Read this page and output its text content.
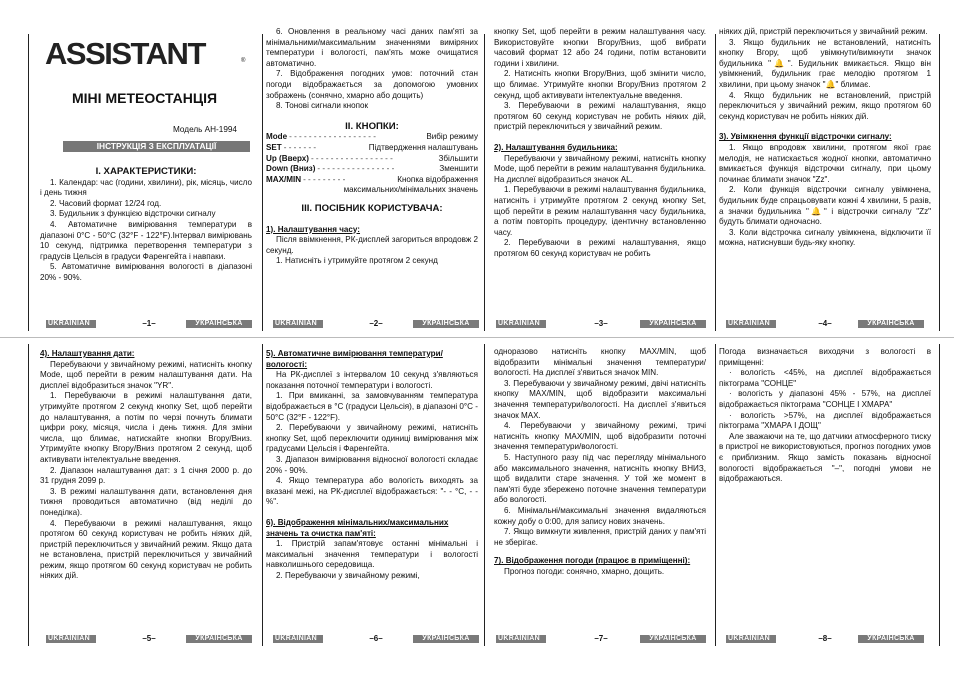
ASSISTANT	®
МІНІ МЕТЕОСТАНЦІЯ
Модель AH-1994
ІНСТРУКЦІЯ З ЕКСПЛУАТАЦІЇ
I. ХАРАКТЕРИСТИКИ:

1. Календар: час (години, хвилини), рік, місяць, число і день тижня

2. Часовий формат 12/24 год.

3. Будильник з функцією відстрочки сигналу

4. Автоматичне вимірювання температури в діапазоні 0°C - 50°C (32°F - 122°F).Інтервал вимірювань 10 секунд, підтримка перетворення температури з градусів Цельсія в градуси Фаренгейта і навпаки.

5. Автоматичне вимірювання вологості в діапазоні 20% - 90%.

6. Оновлення в реальному часі даних пам'яті за мінімальними/максимальним значеннями виміряних температури і вологості, пам'ять може очищатися автоматично.

7. Відображення погодних умов: поточний стан погоди відображається за допомогою умовних зображень (сонячно, хмарно або дощить)

8. Тонові сигнали кнопок

II. КНОПКИ:
Mode - - - - - - - - - - - - - - - - - -	Вибір режиму
SET - - - - - - -	Підтвердження налаштувань
Up (Вверх) - - - - - - - - - - - - - - - - -	Збільшити
Down (Вниз) - - - - - - - - - - - - - - - -	Зменшити
MAX/MIN - - - - - - - - -	Кнопка відображення
максимальних/мінімальних значень
III. ПОСІБНИК КОРИСТУВАЧА:
1). Налаштування часу:

Після ввімкнення, РК-дисплей загориться впродовж 2 секунд.

1. Натисніть і утримуйте протягом 2 секунд

кнопку Set, щоб перейти в режим налаштування часу. Використовуйте кнопки Вгору/Вниз, щоб вибрати часовий формат 12 або 24 години, потім встановити години і хвилини.

2. Натисніть кнопки Вгору/Вниз, щоб змінити число, що блимає. Утримуйте кнопки Вгору/Вниз протягом 2 секунд, щоб активувати інтелектуальне введення.

3. Перебуваючи в режимі налаштування, якщо протягом 60 секунд користувач не робить ніяких дій, пристрій переключиться у звичайний режим.

2). Налаштування будильника:

Перебуваючи у звичайному режимі, натисніть кнопку Mode, щоб перейти в режим налаштування будильника. На дисплеї відобразиться значок AL.

1. Перебуваючи в режимі налаштування будильника, натисніть і утримуйте протягом 2 секунд кнопку Set, щоб перейти в режим налаштування часу будильника, а потім повторіть процедуру, ідентичну встановленню часу.

2. Перебуваючи в режимі налаштування, якщо протягом 60 секунд користувач не робить

ніяких дій, пристрій переключиться у звичайний режим.

3. Якщо будильник не встановлений, натисніть кнопку Вгору, щоб увімкнути/вимкнути значок будильника "🔔". Будильник вмикається. Якщо він увімкнений, будильник грає мелодію протягом 1 хвилини, при цьому значок "🔔" блимає.

4. Якщо будильник не встановлений, пристрій переключиться у звичайний режим, якщо протягом 60 секунд користувач не робить ніяких дій.

3). Увімкнення функції відстрочки сигналу:

1. Якщо впродовж хвилини, протягом якої грає мелодія, не натискається жодної кнопки, автоматично вмикається функція відстрочки сигналу, при цьому починає блимати значок "Zz".

2. Коли функція відстрочки сигналу увімкнена, будильник буде спрацьовувати кожні 4 хвилини, 5 разів, а значки будильника "🔔" і відстрочки сигналу "Zz" будуть блимати одночасно.

3. Коли відстрочка сигналу увімкнена, відключити її можна, натиснувши будь-яку кнопку.

4). Налаштування дати:

Перебуваючи у звичайному режимі, натисніть кнопку Mode, щоб перейти в режим налаштування дати. На дисплеї відобразиться значок "YR".

1. Перебуваючи в режимі налаштування дати, утримуйте протягом 2 секунд кнопку Set, щоб перейти до налаштування, а потім по черзі почнуть блимати цифри року, місяця, числа і день тижня. Для зміни числа, що блимає, натискайте кнопки Вгору/Вниз. Утримуйте кнопку Вгору/Вниз протягом 2 секунд, щоб активувати інтелектуальне введення.

2. Діапазон налаштування дат: з 1 січня 2000 р. до 31 грудня 2099 р.

3. В режимі налаштування дати, встановлення дня тижня проводиться автоматично (від неділі до понеділка).

4. Перебуваючи в режимі налаштування, якщо протягом 60 секунд користувач не робить ніяких дій, пристрій переключиться у звичайний режим. Якщо дата не встановлена, пристрій переключиться у звичайний режим, якщо протягом 60 секунд користувач не робить ніяких дій.

5). Автоматичне вимірювання температури/вологості:

На РК-дисплеї з інтервалом 10 секунд з'являються показання поточної температури і вологості.

1. При вмиканні, за замовчуванням температура відображається в °C (градуси Цельсія), в діапазоні 0°C - 50°C (32°F - 122°F).

2. Перебуваючи у звичайному режимі, натисніть кнопку Set, щоб переключити одиниці вимірювання між градусами Цельсія і Фаренгейта.

3. Діапазон вимірювання відносної вологості складає 20% - 90%.

4. Якщо температура або вологість виходять за вказані межі, на РК-дисплеї відображається: "- - °C, - -%".

6). Відображення мінімальних/максимальних значень та очистка пам'яті:

1. Пристрій запам'ятовує останні мінімальні і максимальні значення температури і вологості навколишнього середовища.

2. Перебуваючи у звичайному режимі,

одноразово натисніть кнопку MAX/MIN, щоб відобразити мінімальні значення температури/ вологості. На дисплеї з'явиться значок MIN.

3. Перебуваючи у звичайному режимі, двічі натисніть кнопку MAX/MIN, щоб відобразити максимальні значення температури/вологості. На дисплеї з'явиться значок MAX.

4. Перебуваючи у звичайному режимі, тричі натисніть кнопку MAX/MIN, щоб відобразити поточні значення температури/вологості.

5. Наступного разу під час перегляду мінімального або максимального значення, натисніть кнопку ВНИЗ, щоб видалити старе значення. У той же момент в пам'яті буде збережено поточне значення температури або вологості.

6. Мінімальні/максимальні значення видаляються кожну добу о 0:00, для запису нових значень.

7. Якщо вимкнути живлення, пристрій даних у пам'яті не зберігає.

7). Відображення погоди (працює в приміщенні):

Прогноз погоди: сонячно, хмарно, дощить.

Погода визначається виходячи з вологості в приміщенні:

· вологість <45%, на дисплеї відображається піктограма "СОНЦЕ"

· вологість у діапазоні 45% - 57%, на дисплеї відображається піктограма "СОНЦЕ І ХМАРА"

· вологість >57%, на дисплеї відображається піктограма "ХМАРА І ДОЩ"

Але зважаючи на те, що датчики атмосферного тиску в пристрої не використовуються, прогноз погодних умов є приблизним. Якщо замість показань відносної вологості відображається "–", погодні умови не відображаються.

UKRAINIAN	–1–	УКРАЇНСЬКА	UKRAINIAN	–2–	УКРАЇНСЬКА	UKRAINIAN	–3–	УКРАЇНСЬКА	UKRAINIAN	–4–	УКРАЇНСЬКА
UKRAINIAN	–5–	УКРАЇНСЬКА	UKRAINIAN	–6–	УКРАЇНСЬКА	UKRAINIAN	–7–	УКРАЇНСЬКА	UKRAINIAN	–8–	УКРАЇНСЬКА
